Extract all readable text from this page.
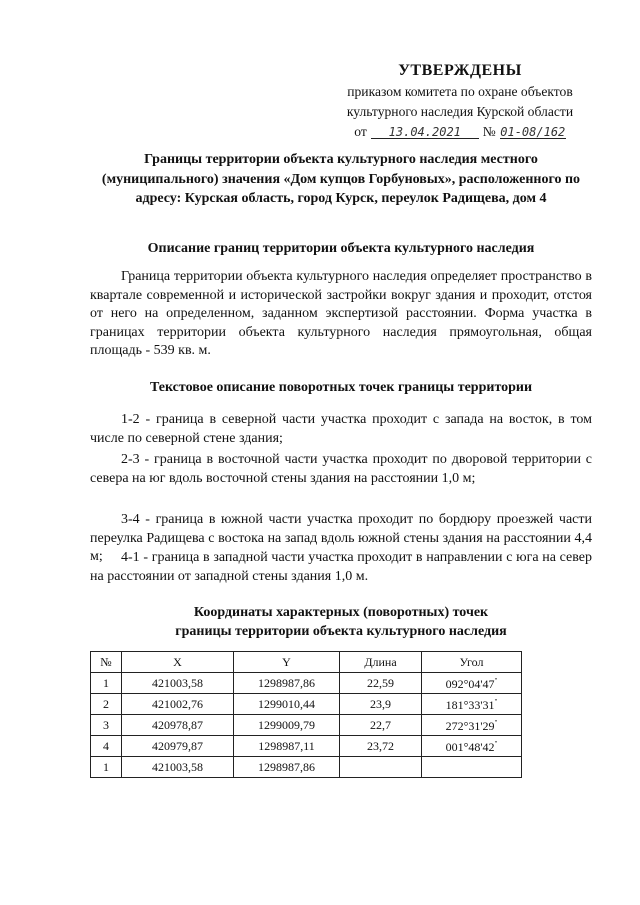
УТВЕРЖДЕНЫ
приказом комитета по охране объектов
культурного наследия Курской области
от	13.04.2021	№ 01-08/162
Границы территории объекта культурного наследия местного (муниципального) значения «Дом купцов Горбуновых», расположенного по адресу: Курская область, город Курск, переулок Радищева, дом 4
Описание границ территории объекта культурного наследия
Граница территории объекта культурного наследия определяет пространство в квартале современной и исторической застройки вокруг здания и проходит, отстоя от него на определенном, заданном экспертизой расстоянии. Форма участка в границах территории объекта культурного наследия прямоугольная, общая площадь - 539 кв. м.
Текстовое описание поворотных точек границы территории
1-2 - граница в северной части участка проходит с запада на восток, в том числе по северной стене здания;
2-3 - граница в восточной части участка проходит по дворовой территории с севера на юг вдоль восточной стены здания на расстоянии 1,0 м;
3-4 - граница в южной части участка проходит по бордюру проезжей части переулка Радищева с востока на запад вдоль южной стены здания на расстоянии 4,4 м;	4-1 - граница в западной части участка проходит в направлении с юга на север на расстоянии от западной стены здания 1,0 м.
Координаты характерных (поворотных) точек
границы территории объекта культурного наследия
№	X	Y	Длина	Угол
1	421003,58	1298987,86	22,59	092°04'47"
2	421002,76	1299010,44	23,9	181°33'31"
3	420978,87	1299009,79	22,7	272°31'29"
4	420979,87	1298987,11	23,72	001°48'42"
1	421003,58	1298987,86		
